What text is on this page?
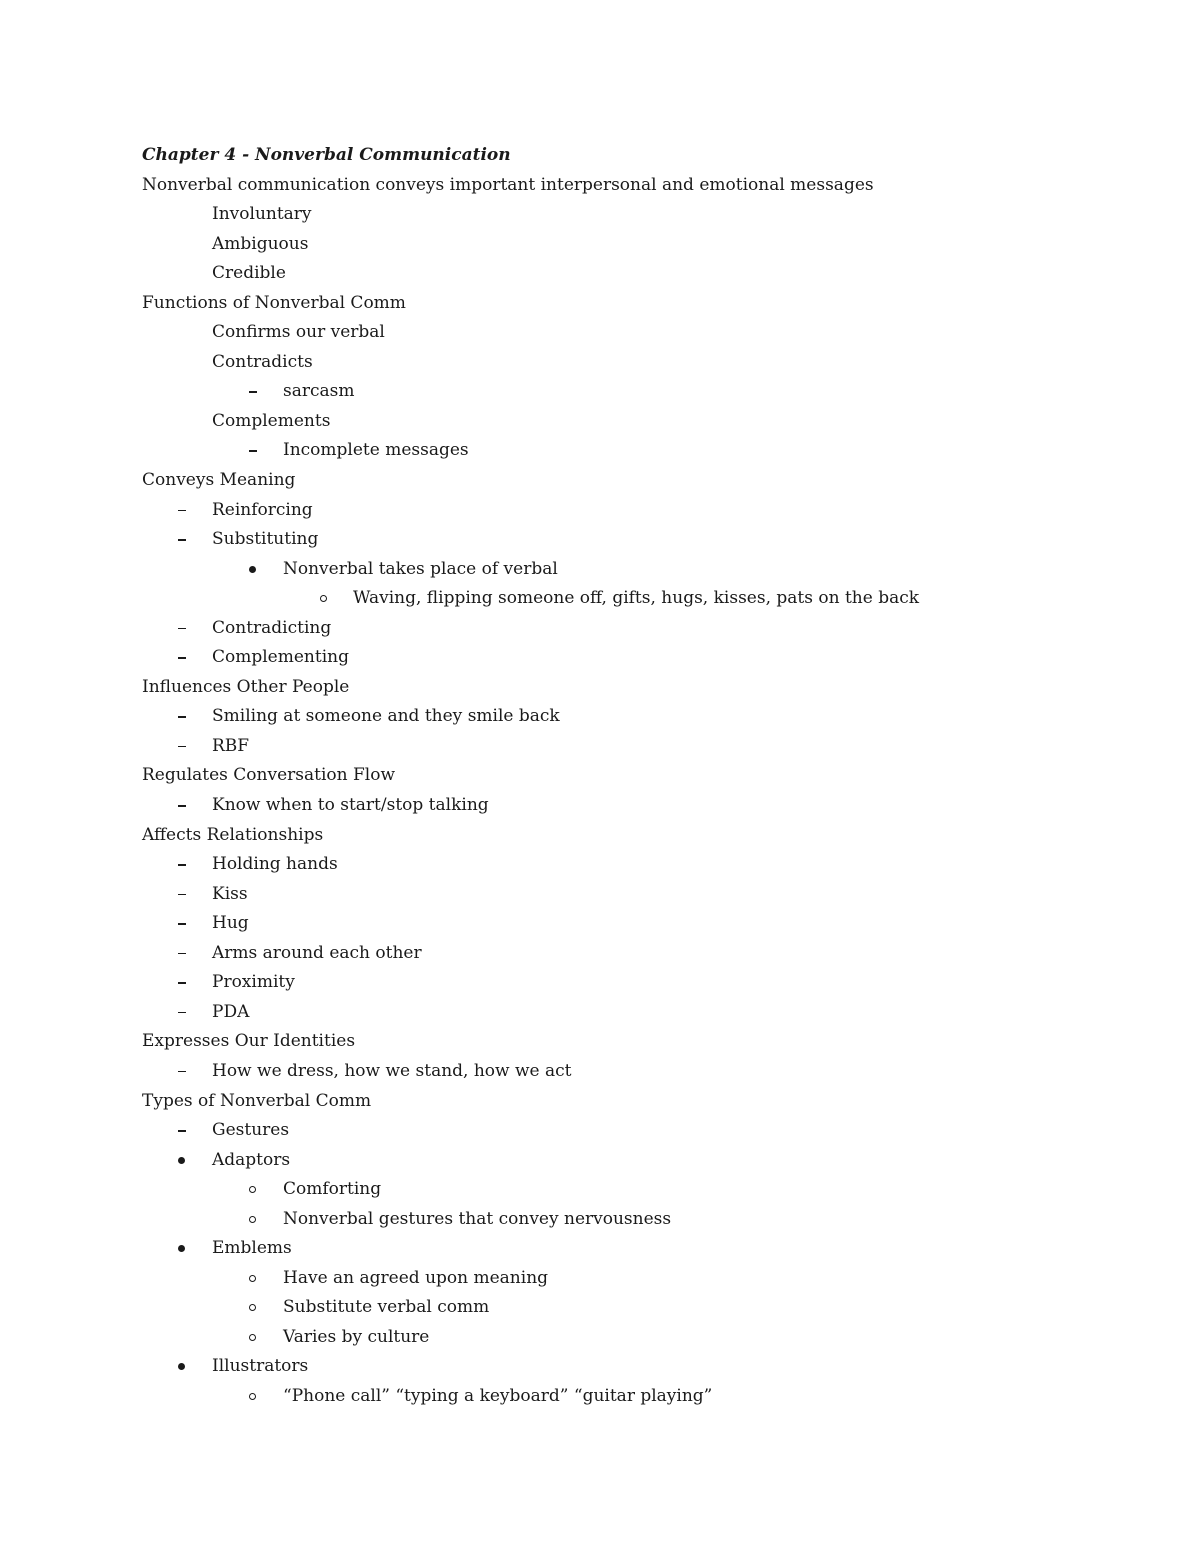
Chapter 4 - Nonverbal Communication
Nonverbal communication conveys important interpersonal and emotional messages
Involuntary
Ambiguous
Credible
Functions of Nonverbal Comm
Confirms our verbal
Contradicts
sarcasm
Complements
Incomplete messages
Conveys Meaning
Reinforcing
Substituting
Nonverbal takes place of verbal
Waving, flipping someone off, gifts, hugs, kisses, pats on the back
Contradicting
Complementing
Influences Other People
Smiling at someone and they smile back
RBF
Regulates Conversation Flow
Know when to start/stop talking
Affects Relationships
Holding hands
Kiss
Hug
Arms around each other
Proximity
PDA
Expresses Our Identities
How we dress, how we stand, how we act
Types of Nonverbal Comm
Gestures
Adaptors
Comforting
Nonverbal gestures that convey nervousness
Emblems
Have an agreed upon meaning
Substitute verbal comm
Varies by culture
Illustrators
“Phone call” “typing a keyboard” “guitar playing”
